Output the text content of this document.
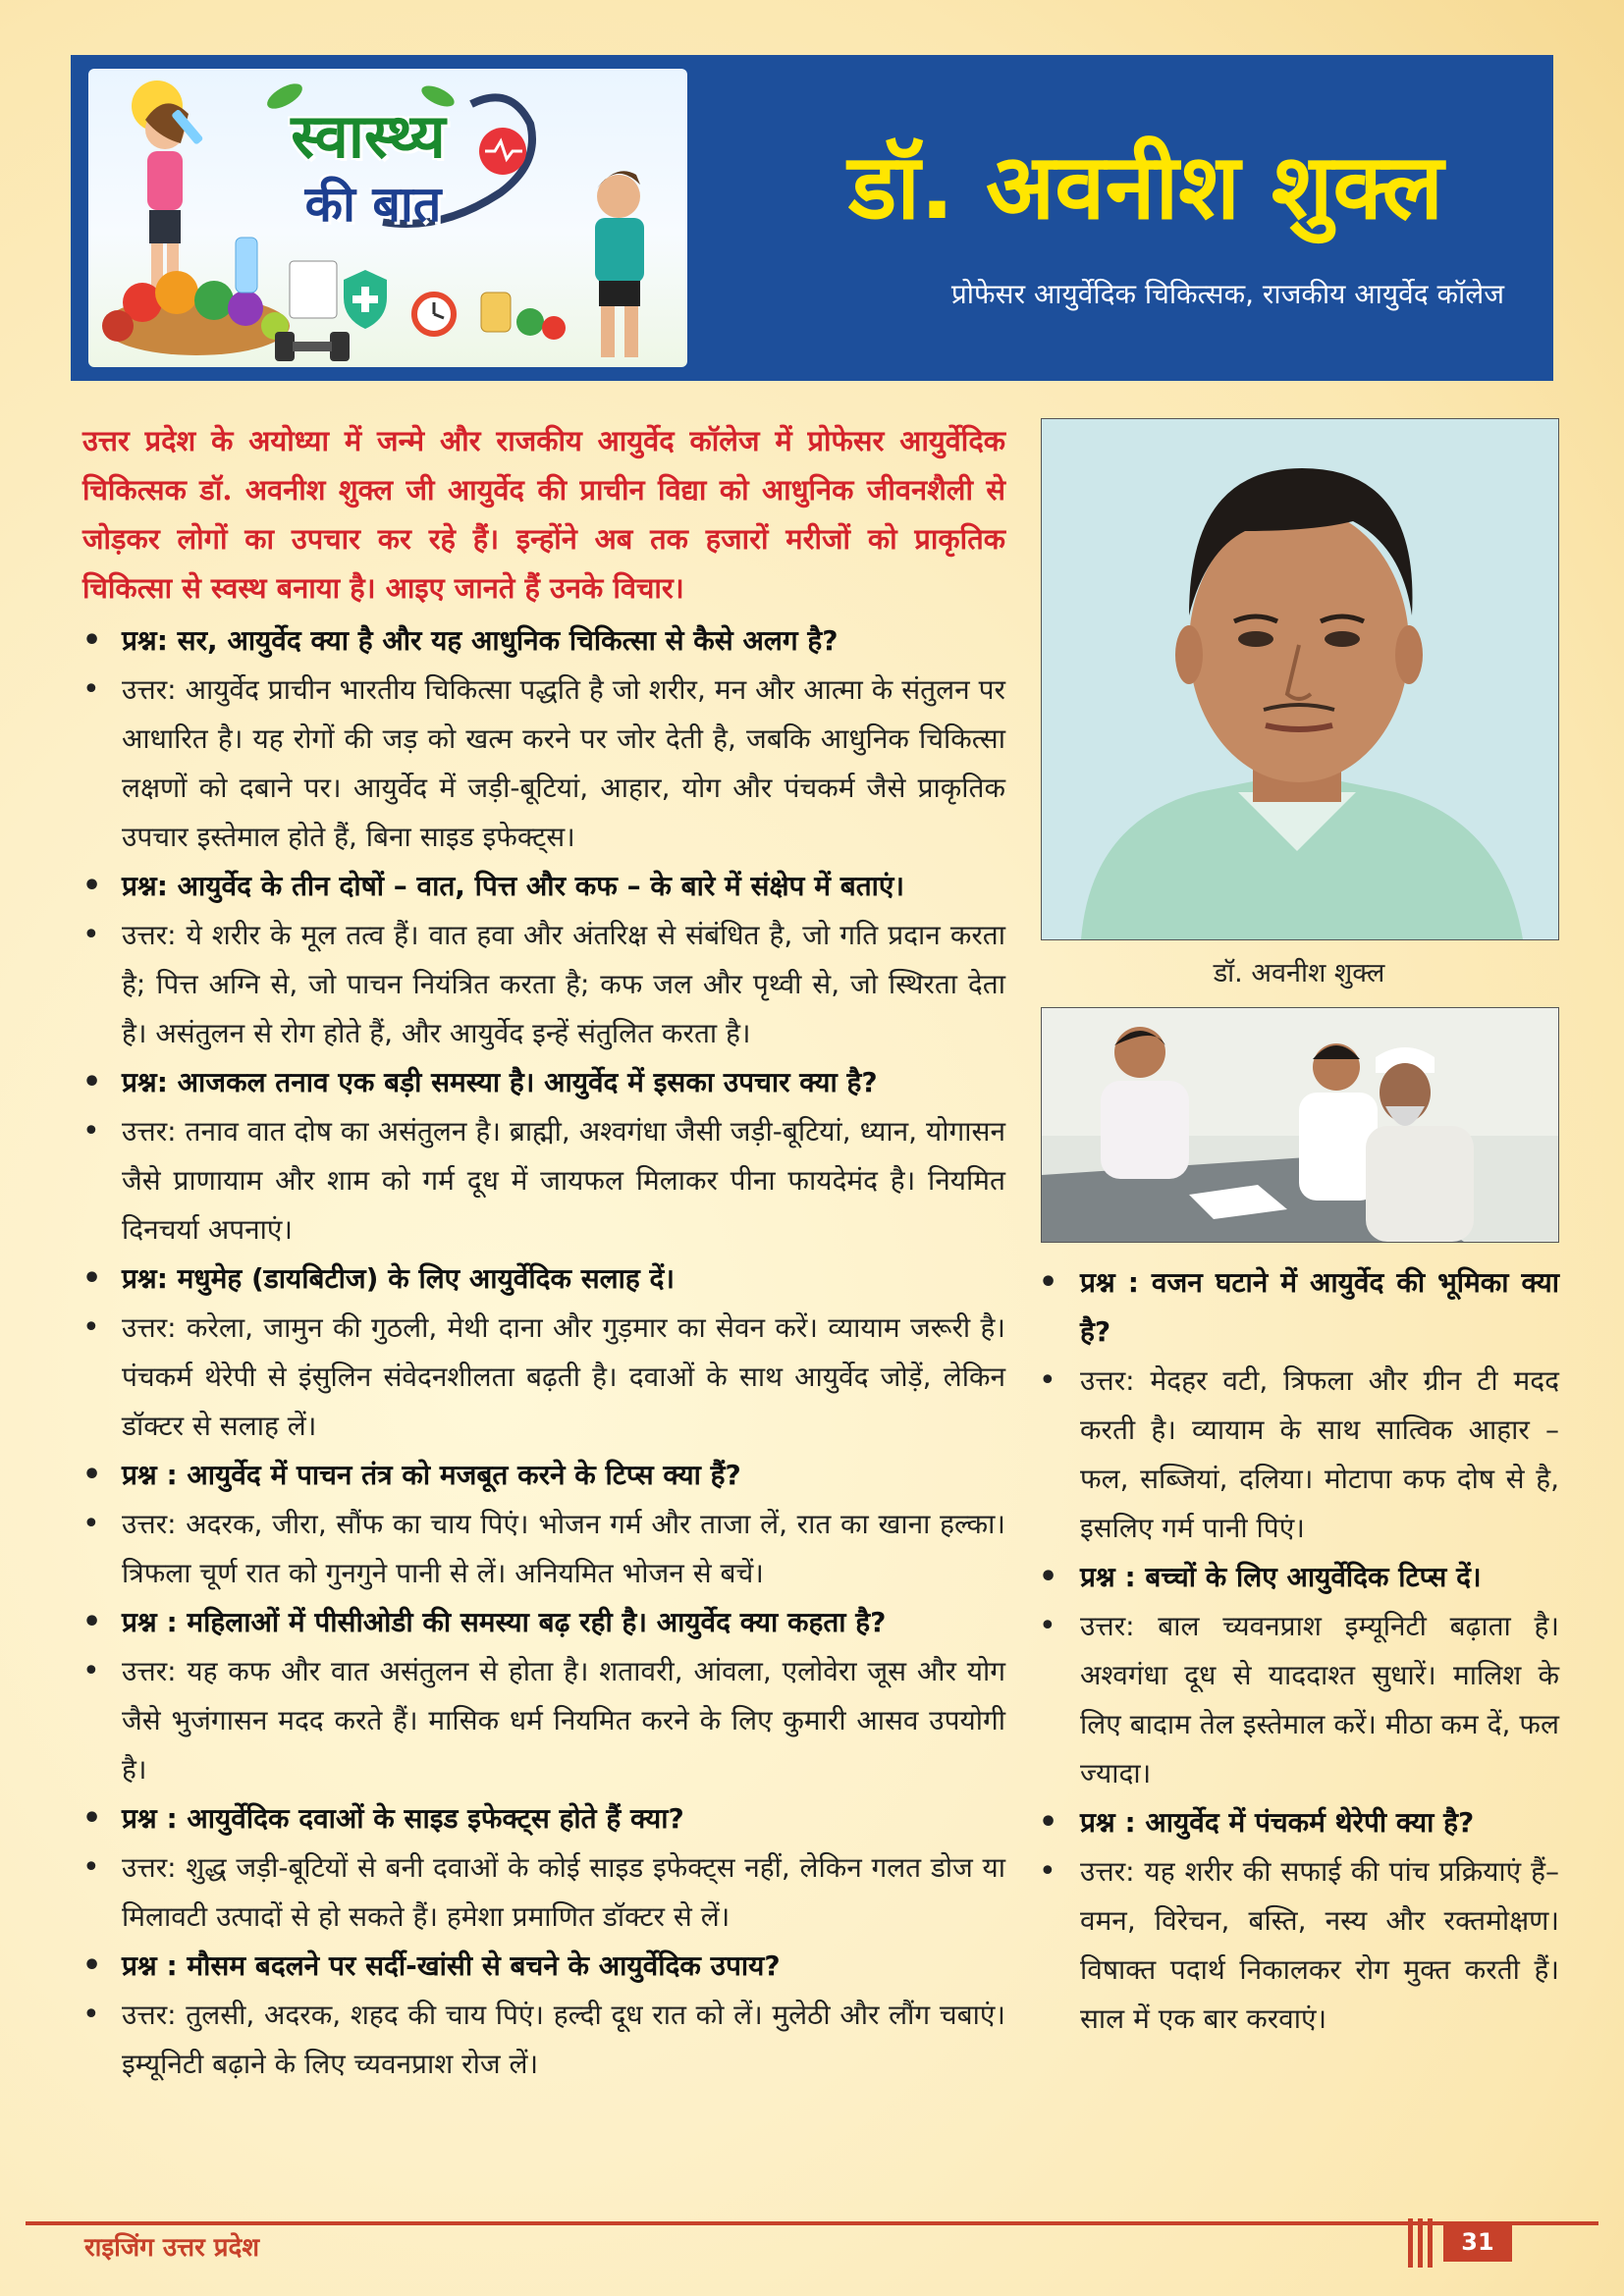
स्वास्थ्य
की बात	डॉ. अवनीश शुक्ल
प्रोफेसर आयुर्वेदिक चिकित्सक, राजकीय आयुर्वेद कॉलेज
उत्तर प्रदेश के अयोध्या में जन्मे और राजकीय आयुर्वेद कॉलेज में प्रोफेसर आयुर्वेदिक चिकित्सक डॉ. अवनीश शुक्ल जी आयुर्वेद की प्राचीन विद्या को आधुनिक जीवनशैली से जोड़कर लोगों का उपचार कर रहे हैं। इन्होंने अब तक हजारों मरीजों को प्राकृतिक चिकित्सा से स्वस्थ बनाया है। आइए जानते हैं उनके विचार।
• प्रश्न: सर, आयुर्वेद क्या है और यह आधुनिक चिकित्सा से कैसे अलग है?
• उत्तर: आयुर्वेद प्राचीन भारतीय चिकित्सा पद्धति है जो शरीर, मन और आत्मा के संतुलन पर आधारित है। यह रोगों की जड़ को खत्म करने पर जोर देती है, जबकि आधुनिक चिकित्सा लक्षणों को दबाने पर। आयुर्वेद में जड़ी-बूटियां, आहार, योग और पंचकर्म जैसे प्राकृतिक उपचार इस्तेमाल होते हैं, बिना साइड इफेक्ट्स।
• प्रश्न: आयुर्वेद के तीन दोषों – वात, पित्त और कफ – के बारे में संक्षेप में बताएं।
• उत्तर: ये शरीर के मूल तत्व हैं। वात हवा और अंतरिक्ष से संबंधित है, जो गति प्रदान करता है; पित्त अग्नि से, जो पाचन नियंत्रित करता है; कफ जल और पृथ्वी से, जो स्थिरता देता है। असंतुलन से रोग होते हैं, और आयुर्वेद इन्हें संतुलित करता है।
• प्रश्न: आजकल तनाव एक बड़ी समस्या है। आयुर्वेद में इसका उपचार क्या है?
• उत्तर: तनाव वात दोष का असंतुलन है। ब्राह्मी, अश्वगंधा जैसी जड़ी-बूटियां, ध्यान, योगासन जैसे प्राणायाम और शाम को गर्म दूध में जायफल मिलाकर पीना फायदेमंद है। नियमित दिनचर्या अपनाएं।
• प्रश्न: मधुमेह (डायबिटीज) के लिए आयुर्वेदिक सलाह दें।
• उत्तर: करेला, जामुन की गुठली, मेथी दाना और गुड़मार का सेवन करें। व्यायाम जरूरी है। पंचकर्म थेरेपी से इंसुलिन संवेदनशीलता बढ़ती है। दवाओं के साथ आयुर्वेद जोड़ें, लेकिन डॉक्टर से सलाह लें।
• प्रश्न : आयुर्वेद में पाचन तंत्र को मजबूत करने के टिप्स क्या हैं?
• उत्तर: अदरक, जीरा, सौंफ का चाय पिएं। भोजन गर्म और ताजा लें, रात का खाना हल्का। त्रिफला चूर्ण रात को गुनगुने पानी से लें। अनियमित भोजन से बचें।
• प्रश्न : महिलाओं में पीसीओडी की समस्या बढ़ रही है। आयुर्वेद क्या कहता है?
• उत्तर: यह कफ और वात असंतुलन से होता है। शतावरी, आंवला, एलोवेरा जूस और योग जैसे भुजंगासन मदद करते हैं। मासिक धर्म नियमित करने के लिए कुमारी आसव उपयोगी है।
• प्रश्न : आयुर्वेदिक दवाओं के साइड इफेक्ट्स होते हैं क्या?
• उत्तर: शुद्ध जड़ी-बूटियों से बनी दवाओं के कोई साइड इफेक्ट्स नहीं, लेकिन गलत डोज या मिलावटी उत्पादों से हो सकते हैं। हमेशा प्रमाणित डॉक्टर से लें।
• प्रश्न : मौसम बदलने पर सर्दी-खांसी से बचने के आयुर्वेदिक उपाय?
• उत्तर: तुलसी, अदरक, शहद की चाय पिएं। हल्दी दूध रात को लें। मुलेठी और लौंग चबाएं। इम्यूनिटी बढ़ाने के लिए च्यवनप्राश रोज लें।
डॉ. अवनीश शुक्ल
• प्रश्न : वजन घटाने में आयुर्वेद की भूमिका क्या है?
• उत्तर: मेदहर वटी, त्रिफला और ग्रीन टी मदद करती है। व्यायाम के साथ सात्विक आहार – फल, सब्जियां, दलिया। मोटापा कफ दोष से है, इसलिए गर्म पानी पिएं।
• प्रश्न : बच्चों के लिए आयुर्वेदिक टिप्स दें।
• उत्तर: बाल च्यवनप्राश इम्यूनिटी बढ़ाता है। अश्वगंधा दूध से याददाश्त सुधारें। मालिश के लिए बादाम तेल इस्तेमाल करें। मीठा कम दें, फल ज्यादा।
• प्रश्न : आयुर्वेद में पंचकर्म थेरेपी क्या है?
• उत्तर: यह शरीर की सफाई की पांच प्रक्रियाएं हैं– वमन, विरेचन, बस्ति, नस्य और रक्तमोक्षण। विषाक्त पदार्थ निकालकर रोग मुक्त करती हैं। साल में एक बार करवाएं।
राइजिंग उत्तर प्रदेश	31
